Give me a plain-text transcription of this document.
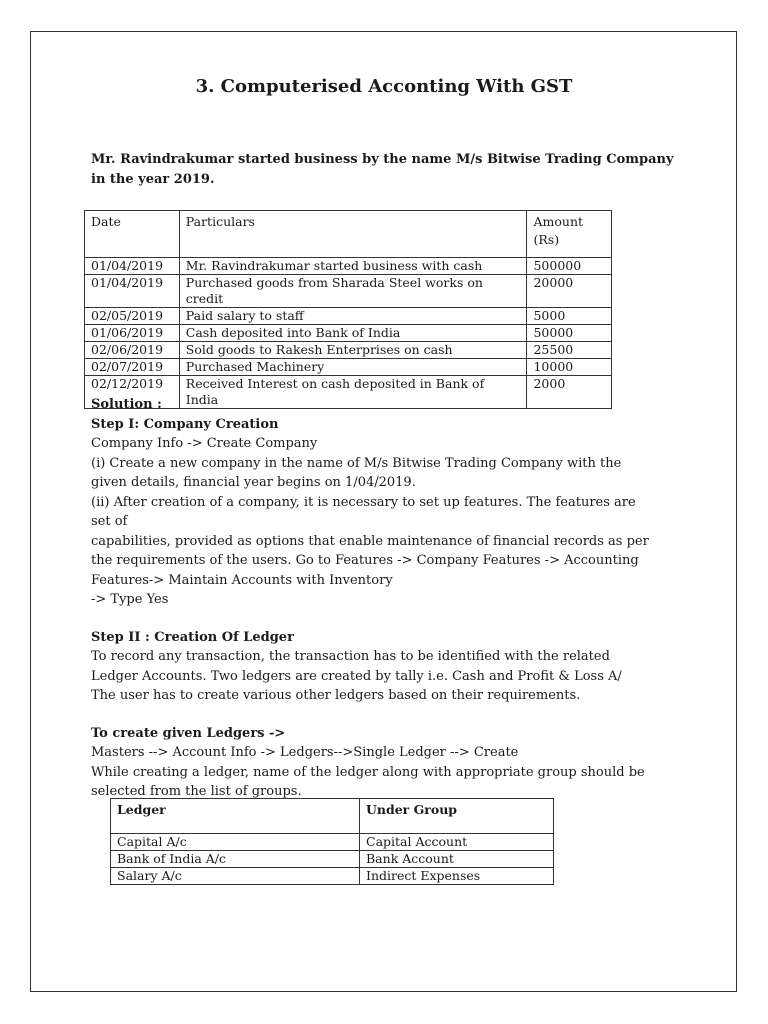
3. Computerised Acconting With GST
Mr. Ravindrakumar started business by the name M/s Bitwise Trading Company in the year 2019.
Date	Particulars	Amount (Rs)
01/04/2019	Mr. Ravindrakumar started business with cash	500000
01/04/2019	Purchased goods from Sharada Steel works on credit	20000
02/05/2019	Paid salary to staff	5000
01/06/2019	Cash deposited into Bank of India	50000
02/06/2019	Sold goods to Rakesh Enterprises on cash	25500
02/07/2019	Purchased Machinery	10000
02/12/2019	Received Interest on cash deposited in Bank of India	2000

Solution :

Step I: Company Creation

Company Info -> Create Company

(i) Create a new company in the name of M/s Bitwise Trading Company with the

given details, financial year begins on 1/04/2019.

(ii) After creation of a company, it is necessary to set up features. The features are set of

capabilities, provided as options that enable maintenance of financial records as per

the requirements of the users. Go to Features -> Company Features -> Accounting

Features-> Maintain Accounts with Inventory

-> Type Yes

Step II : Creation Of Ledger

To record any transaction, the transaction has to be identified with the related

Ledger Accounts. Two ledgers are created by tally i.e. Cash and Profit & Loss A/

The user has to create various other ledgers based on their requirements.

To create given Ledgers ->

Masters --> Account Info -> Ledgers-->Single Ledger --> Create

While creating a ledger, name of the ledger along with appropriate group should be

selected from the list of groups.

Ledger	Under Group
Capital A/c	Capital Account
Bank of India A/c	Bank Account
Salary A/c	Indirect Expenses
